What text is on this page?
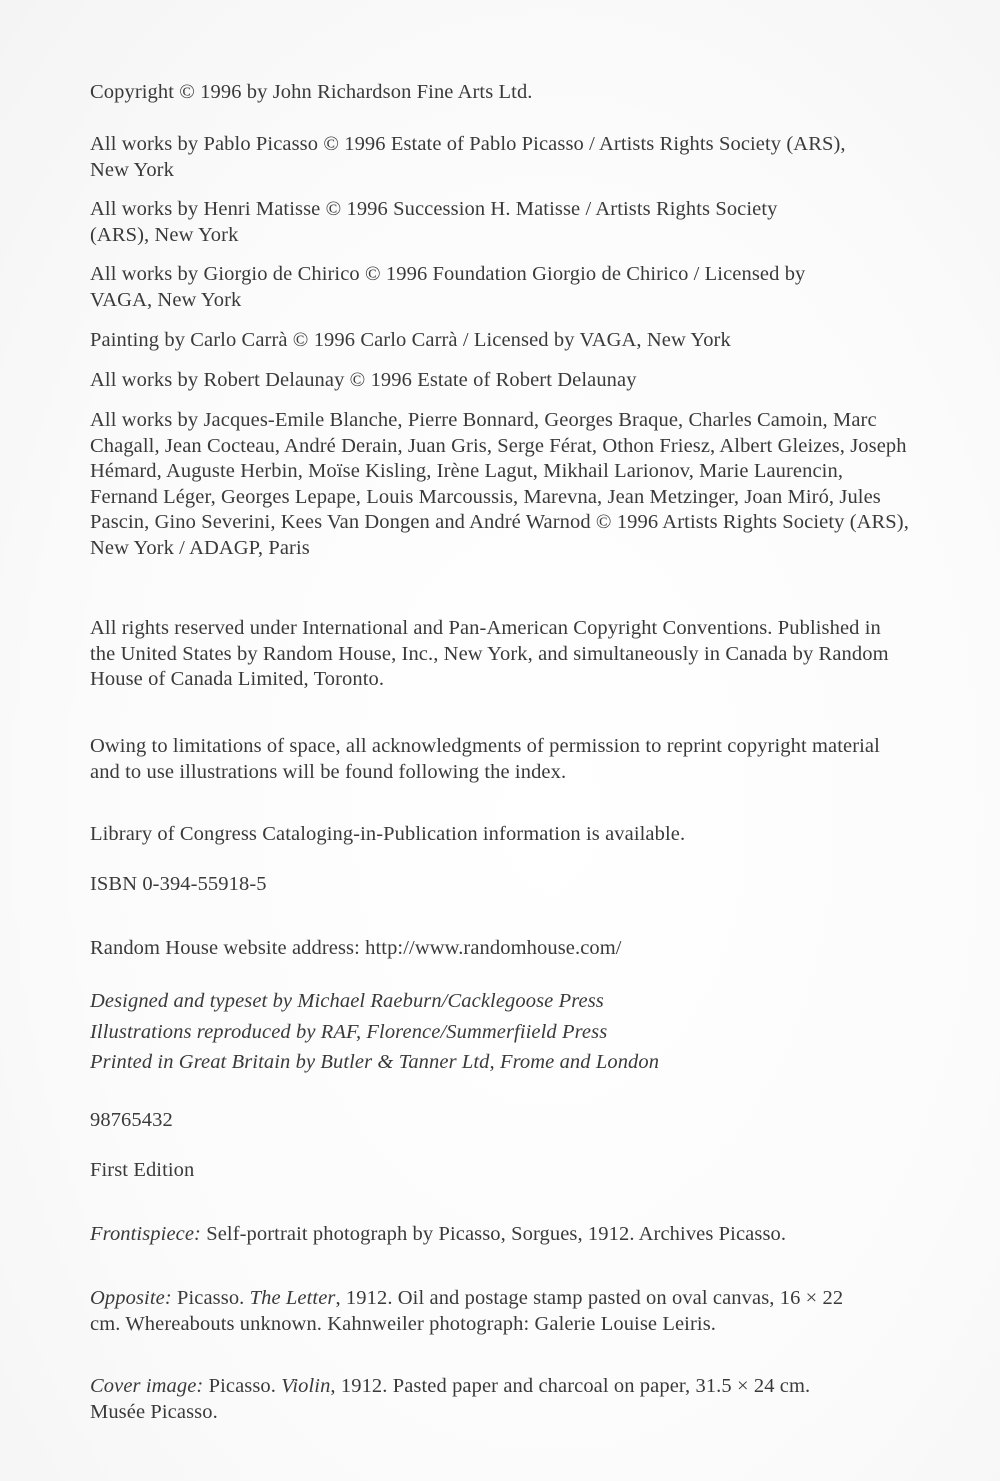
Copyright © 1996 by John Richardson Fine Arts Ltd.

All works by Pablo Picasso © 1996 Estate of Pablo Picasso / Artists Rights Society (ARS), New York

All works by Henri Matisse © 1996 Succession H. Matisse / Artists Rights Society (ARS), New York

All works by Giorgio de Chirico © 1996 Foundation Giorgio de Chirico / Licensed by VAGA, New York

Painting by Carlo Carrà © 1996 Carlo Carrà / Licensed by VAGA, New York

All works by Robert Delaunay © 1996 Estate of Robert Delaunay

All works by Jacques-Emile Blanche, Pierre Bonnard, Georges Braque, Charles Camoin, Marc Chagall, Jean Cocteau, André Derain, Juan Gris, Serge Férat, Othon Friesz, Albert Gleizes, Joseph Hémard, Auguste Herbin, Moïse Kisling, Irène Lagut, Mikhail Larionov, Marie Laurencin, Fernand Léger, Georges Lepape, Louis Marcoussis, Marevna, Jean Metzinger, Joan Miró, Jules Pascin, Gino Severini, Kees Van Dongen and André Warnod © 1996 Artists Rights Society (ARS), New York / ADAGP, Paris

All rights reserved under International and Pan-American Copyright Conventions. Published in the United States by Random House, Inc., New York, and simultaneously in Canada by Random House of Canada Limited, Toronto.

Owing to limitations of space, all acknowledgments of permission to reprint copyright material and to use illustrations will be found following the index.

Library of Congress Cataloging-in-Publication information is available.

ISBN 0-394-55918-5

Random House website address: http://www.randomhouse.com/

Designed and typeset by Michael Raeburn/Cacklegoose Press
Illustrations reproduced by RAF, Florence/Summerfiield Press
Printed in Great Britain by Butler & Tanner Ltd, Frome and London

98765432

First Edition

Frontispiece: Self-portrait photograph by Picasso, Sorgues, 1912. Archives Picasso.

Opposite: Picasso. The Letter, 1912. Oil and postage stamp pasted on oval canvas, 16 × 22 cm. Whereabouts unknown. Kahnweiler photograph: Galerie Louise Leiris.

Cover image: Picasso. Violin, 1912. Pasted paper and charcoal on paper, 31.5 × 24 cm. Musée Picasso.
